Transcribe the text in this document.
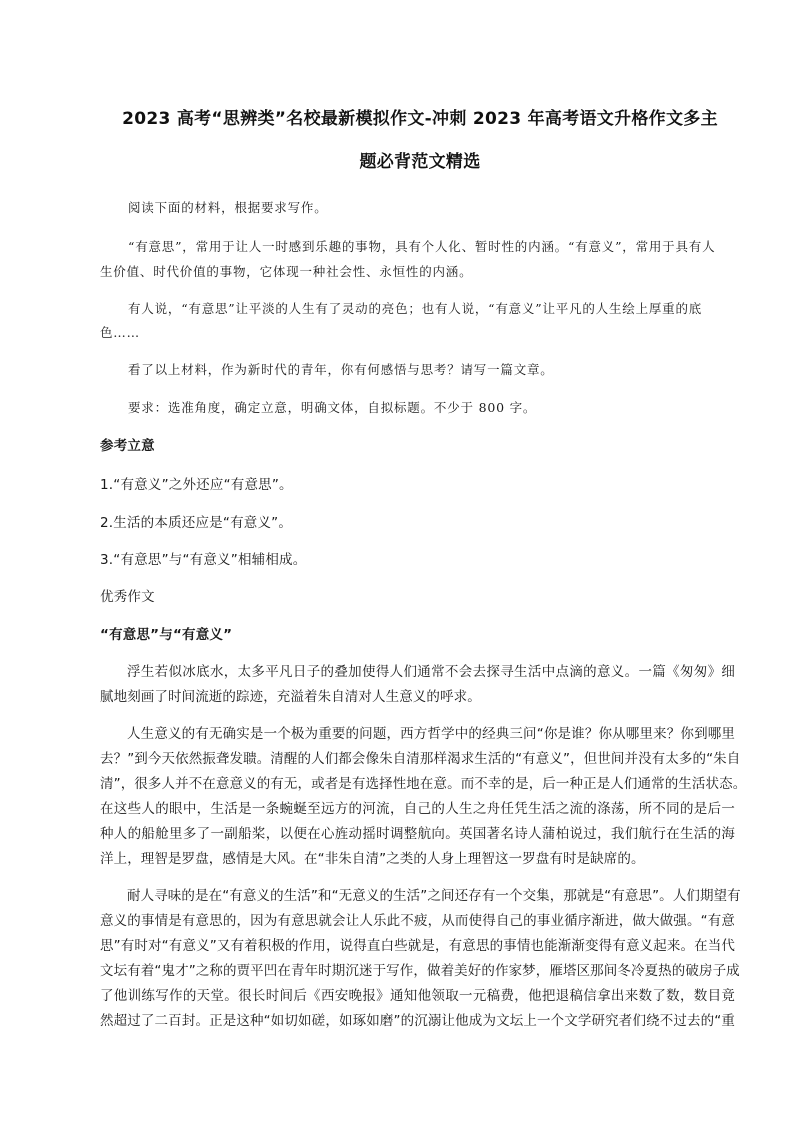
2023 高考“思辨类”名校最新模拟作文-冲刺 2023 年高考语文升格作文多主
题必背范文精选
阅读下面的材料，根据要求写作。
“有意思”，常用于让人一时感到乐趣的事物，具有个人化、暂时性的内涵。“有意义”，常用于具有人
生价值、时代价值的事物，它体现一种社会性、永恒性的内涵。
有人说，“有意思”让平淡的人生有了灵动的亮色；也有人说，“有意义”让平凡的人生绘上厚重的底
色……
看了以上材料，作为新时代的青年，你有何感悟与思考？请写一篇文章。
要求：选准角度，确定立意，明确文体，自拟标题。不少于 800 字。
参考立意
1.“有意义”之外还应“有意思”。
2.生活的本质还应是“有意义”。
3.“有意思”与“有意义”相辅相成。
优秀作文
“有意思”与“有意义”
浮生若似冰底水，太多平凡日子的叠加使得人们通常不会去探寻生活中点滴的意义。一篇《匆匆》细
腻地刻画了时间流逝的踪迹，充溢着朱自清对人生意义的呼求。
人生意义的有无确实是一个极为重要的问题，西方哲学中的经典三问“你是谁？你从哪里来？你到哪里
去？”到今天依然振聋发聩。清醒的人们都会像朱自清那样渴求生活的“有意义”，但世间并没有太多的“朱自
清”，很多人并不在意意义的有无，或者是有选择性地在意。而不幸的是，后一种正是人们通常的生活状态。
在这些人的眼中，生活是一条蜿蜒至远方的河流，自己的人生之舟任凭生活之流的涤荡，所不同的是后一
种人的船舱里多了一副船桨，以便在心旌动摇时调整航向。英国著名诗人蒲柏说过，我们航行在生活的海
洋上，理智是罗盘，感情是大风。在“非朱自清”之类的人身上理智这一罗盘有时是缺席的。
耐人寻味的是在“有意义的生活”和“无意义的生活”之间还存有一个交集，那就是“有意思”。人们期望有
意义的事情是有意思的，因为有意思就会让人乐此不疲，从而使得自己的事业循序渐进，做大做强。“有意
思”有时对“有意义”又有着积极的作用，说得直白些就是，有意思的事情也能渐渐变得有意义起来。在当代
文坛有着“鬼才”之称的贾平凹在青年时期沉迷于写作，做着美好的作家梦，雁塔区那间冬冷夏热的破房子成
了他训练写作的天堂。很长时间后《西安晚报》通知他领取一元稿费，他把退稿信拿出来数了数，数目竟
然超过了二百封。正是这种“如切如磋，如琢如磨”的沉溺让他成为文坛上一个文学研究者们绕不过去的“重
